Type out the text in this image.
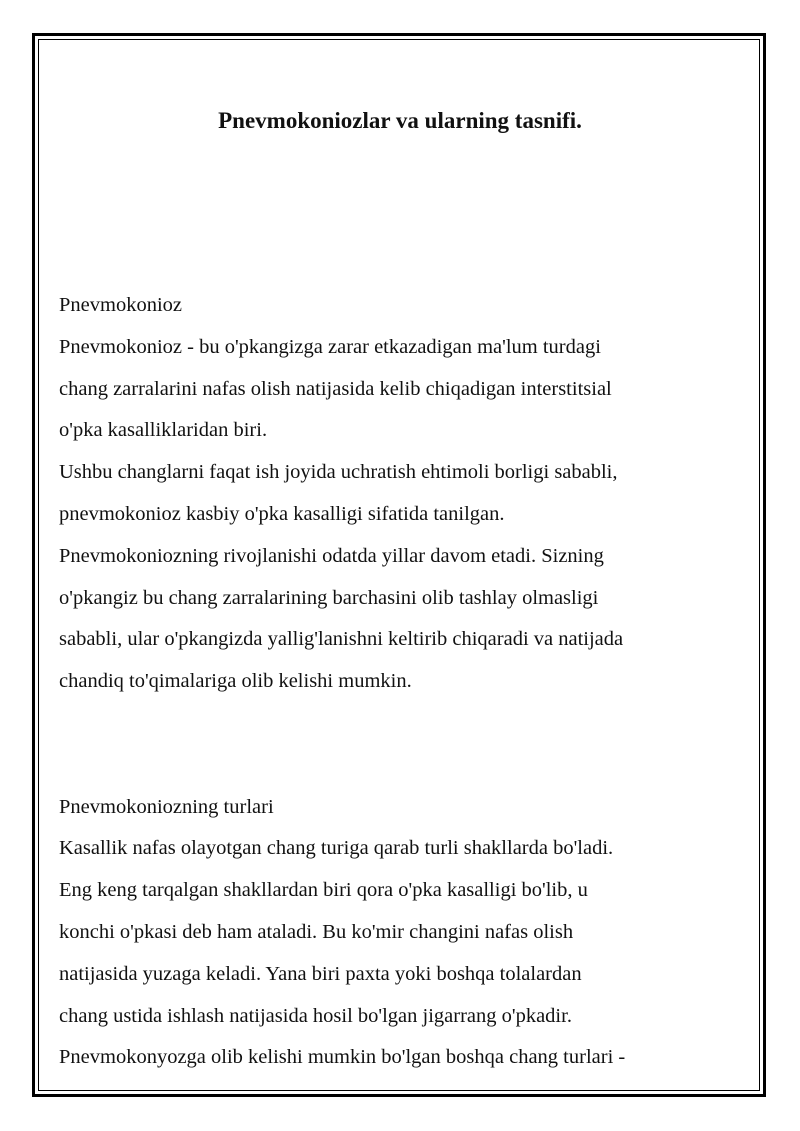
Pnevmokoniozlar va ularning tasnifi.

Pnevmokonioz

Pnevmokonioz - bu o'pkangizga zarar etkazadigan ma'lum turdagi
chang zarralarini nafas olish natijasida kelib chiqadigan interstitsial
o'pka kasalliklaridan biri.
Ushbu changlarni faqat ish joyida uchratish ehtimoli borligi sababli,
pnevmokonioz kasbiy o'pka kasalligi sifatida tanilgan.
Pnevmokoniozning rivojlanishi odatda yillar davom etadi. Sizning
o'pkangiz bu chang zarralarining barchasini olib tashlay olmasligi
sababli, ular o'pkangizda yallig'lanishni keltirib chiqaradi va natijada
chandiq to'qimalariga olib kelishi mumkin.

Pnevmokoniozning turlari

Kasallik nafas olayotgan chang turiga qarab turli shakllarda bo'ladi.
Eng keng tarqalgan shakllardan biri qora o'pka kasalligi bo'lib, u
konchi o'pkasi deb ham ataladi. Bu ko'mir changini nafas olish
natijasida yuzaga keladi. Yana biri paxta yoki boshqa tolalardan
chang ustida ishlash natijasida hosil bo'lgan jigarrang o'pkadir.
Pnevmokonyozga olib kelishi mumkin bo'lgan boshqa chang turlari -
